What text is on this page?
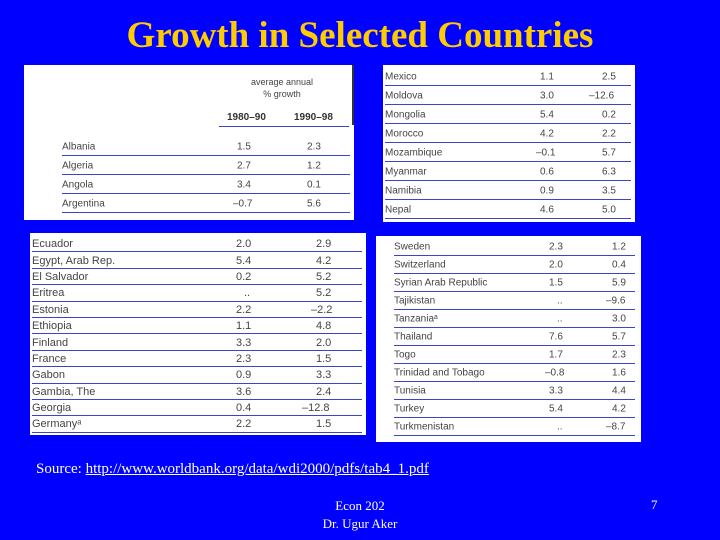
Growth in Selected Countries
average annual
% growth
1980–90	1990–98
Albania	1.5	2.3
Algeria	2.7	1.2
Angola	3.4	0.1
Argentina	–0.7	5.6
Mexico	1.1	2.5
Moldova	3.0	–12.6
Mongolia	5.4	0.2
Morocco	4.2	2.2
Mozambique	–0.1	5.7
Myanmar	0.6	6.3
Namibia	0.9	3.5
Nepal	4.6	5.0
Ecuador	2.0	2.9
Egypt, Arab Rep.	5.4	4.2
El Salvador	0.2	5.2
Eritrea	..	5.2
Estonia	2.2	–2.2
Ethiopia	1.1	4.8
Finland	3.3	2.0
France	2.3	1.5
Gabon	0.9	3.3
Gambia, The	3.6	2.4
Georgia	0.4	–12.8
Germanyᵃ	2.2	1.5
Sweden	2.3	1.2
Switzerland	2.0	0.4
Syrian Arab Republic	1.5	5.9
Tajikistan	..	–9.6
Tanzaniaᵃ	..	3.0
Thailand	7.6	5.7
Togo	1.7	2.3
Trinidad and Tobago	–0.8	1.6
Tunisia	3.3	4.4
Turkey	5.4	4.2
Turkmenistan	..	–8.7
Source: http://www.worldbank.org/data/wdi2000/pdfs/tab4_1.pdf
Econ 202
Dr. Ugur Aker
7
